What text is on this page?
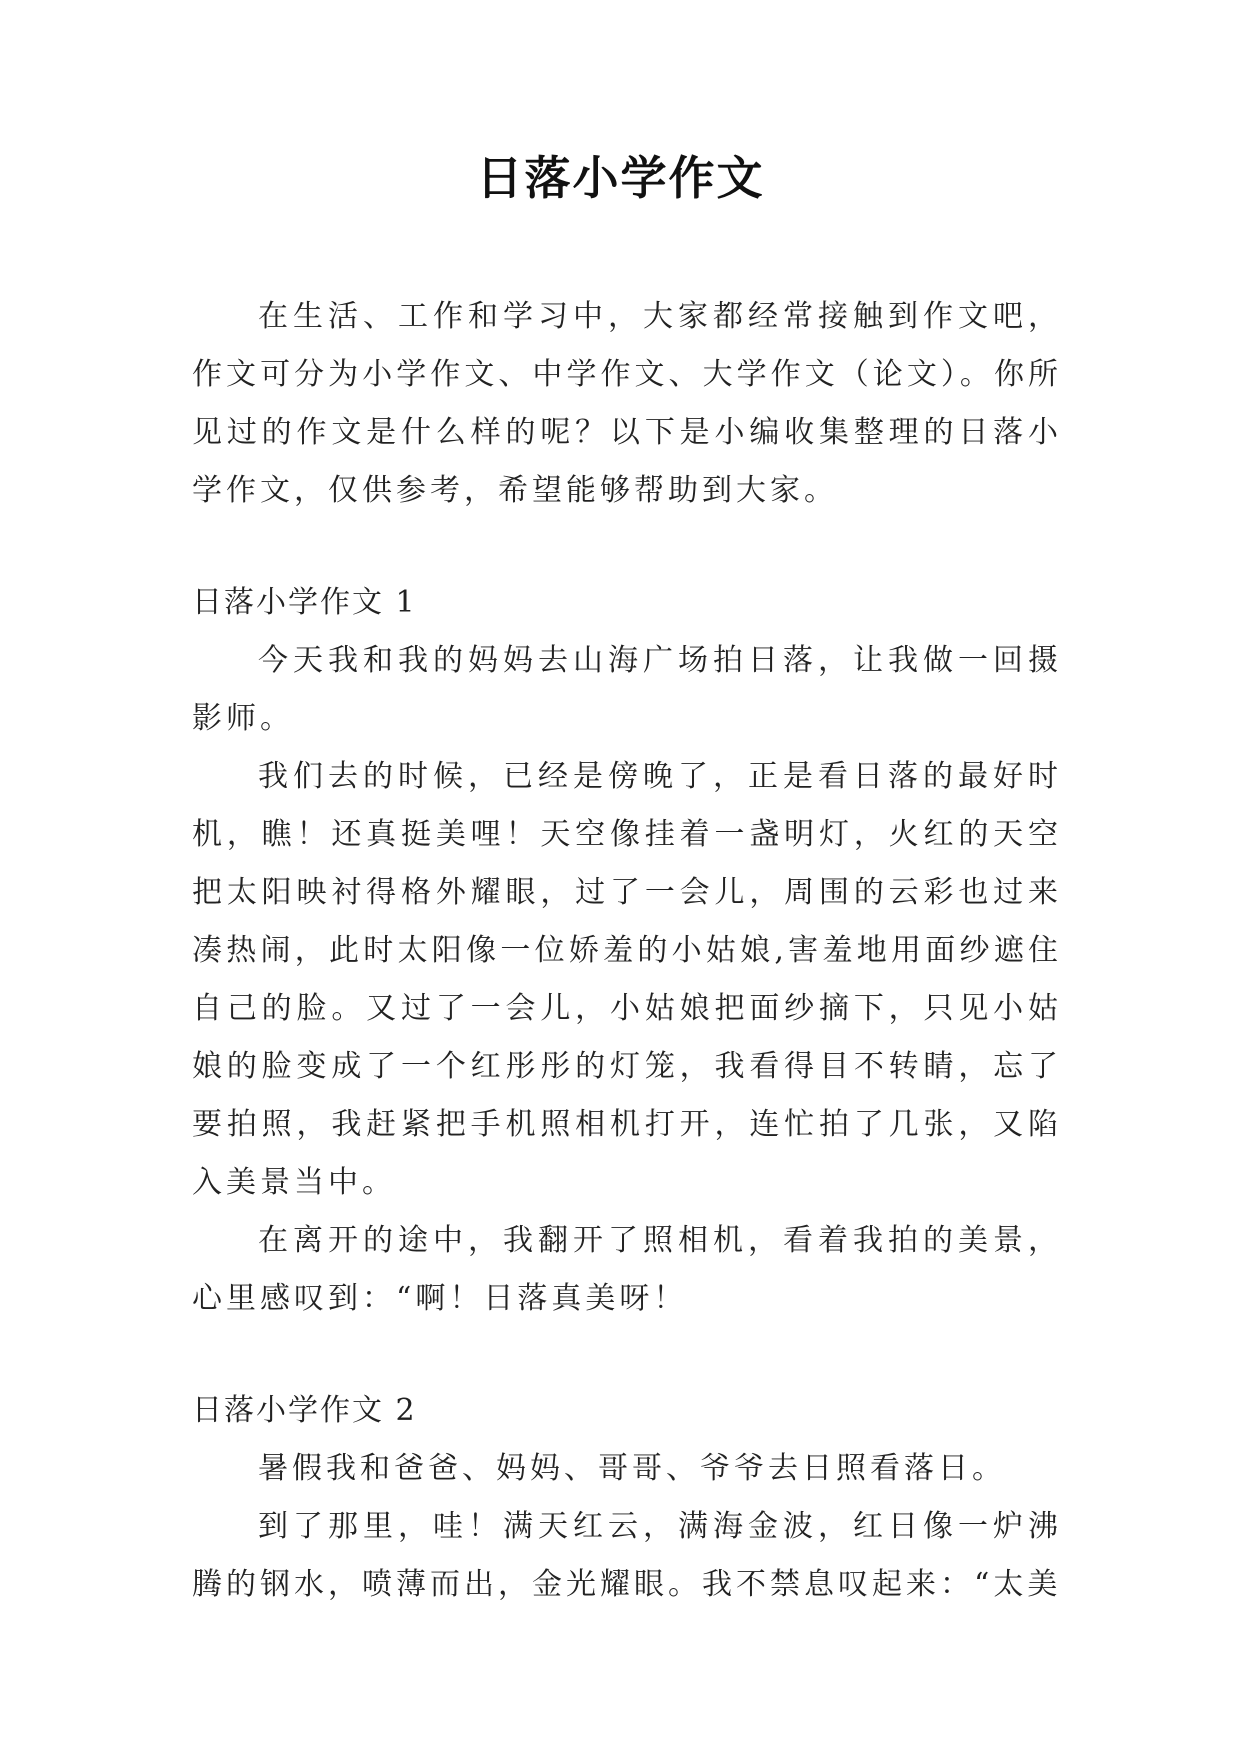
日落小学作文

在生活、工作和学习中，大家都经常接触到作文吧，作文可分为小学作文、中学作文、大学作文（论文）。你所见过的作文是什么样的呢？以下是小编收集整理的日落小学作文，仅供参考，希望能够帮助到大家。

日落小学作文 1

今天我和我的妈妈去山海广场拍日落，让我做一回摄影师。

我们去的时候，已经是傍晚了，正是看日落的最好时机，瞧！还真挺美哩！天空像挂着一盏明灯，火红的天空把太阳映衬得格外耀眼，过了一会儿，周围的云彩也过来凑热闹，此时太阳像一位娇羞的小姑娘,害羞地用面纱遮住自己的脸。又过了一会儿，小姑娘把面纱摘下，只见小姑娘的脸变成了一个红彤彤的灯笼，我看得目不转睛，忘了要拍照，我赶紧把手机照相机打开，连忙拍了几张，又陷入美景当中。

在离开的途中，我翻开了照相机，看着我拍的美景，心里感叹到：“啊！日落真美呀！

日落小学作文 2

暑假我和爸爸、妈妈、哥哥、爷爷去日照看落日。

到了那里，哇！满天红云，满海金波，红日像一炉沸腾的钢水，喷薄而出，金光耀眼。我不禁息叹起来：“太美
